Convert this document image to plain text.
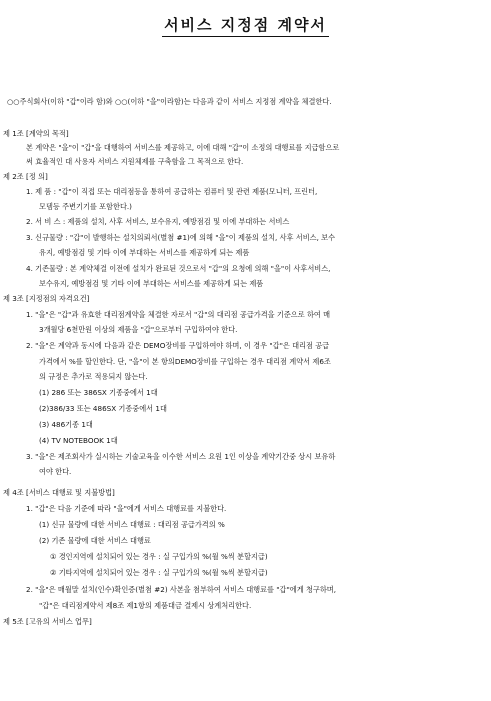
서비스 지정점 계약서
○○주식회사(이하 "갑"이라 함)와 ○○(이하 "을"이라함)는 다음과 같이 서비스 지정점 계약을 체결한다.
제 1조 [계약의 목적]
본 계약은 "을"이 "갑"을 대행하여 서비스를 제공하고, 이에 대해 "갑"이 소정의 대행료를 지급함으로
써 효율적인 대 사용자 서비스 지원체제를 구축함을 그 목적으로 한다.
제 2조 [정 의]
1. 제 품 : "갑"이 직접 또는 대리점등을 통하여 공급하는 컴퓨터 및 관련 제품(모니터, 프린터,
모뎀등 주변기기를 포함한다.)
2. 서 비 스 : 제품의 설치, 사후 서비스, 보수유지, 예방점검 및 이에 부대하는 서비스
3. 신규물량 : "갑"이 발행하는 설치의뢰서(별첨 #1)에 의해 "을"이 제품의 설치, 사후 서비스, 보수
유지, 예방점검 및 기타 이에 부대하는 서비스를 제공하게 되는 제품
4. 기존물량 : 본 계약체결 이전에 설치가 완료된 것으로서 "갑"의 요청에 의해 "을"이 사후서비스,
보수유지, 예방점검 및 기타 이에 부대하는 서비스를 제공하게 되는 제품
제 3조 [지정점의 자격요건]
1. "을"은 "갑"과 유효한 대리점계약을 체결한 자로서 "갑"의 대리점 공급가격을 기준으로 하여 매
3개월당 6천만원 이상의 제품을 "갑"으로부터 구입하여야 한다.
2. "을"은 계약과 동시에 다음과 같은 DEMO장비를 구입하여야 하며, 이 경우 "갑"은 대리점 공급
가격에서 %를 할인한다. 단, "을"이 본 항의DEMO장비를 구입하는 경우 대리점 계약서 제6조
의 규정은 추가로 적용되지 않는다.
(1) 286 또는 386SX 기종중에서 1대
(2)386/33 또는 486SX 기종중에서 1대
(3) 486기종 1대
(4) TV NOTEBOOK 1대
3. "을"은 제조회사가 실시하는 기술교육을 이수한 서비스 요원 1인 이상을 계약기간중 상시 보유하
여야 한다.
제 4조 [서비스 대행료 및 지불방법]
1. "갑"은 다음 기준에 따라 "을"에게 서비스 대행료를 지불한다.
(1) 신규 물량에 대한 서비스 대행료 : 대리점 공급가격의 %
(2) 기존 물량에 대한 서비스 대행료
① 경인지역에 설치되어 있는 경우 : 실 구입가의 %(월 %씩 분할지급)
② 기타지역에 설치되어 있는 경우 : 실 구입가의 %(월 %씩 분할지급)
2. "을"은 매월말 설치(인수)확인증(별첨 #2) 사본을 첨부하여 서비스 대행료를 "갑"에게 청구하며,
"갑"은 대리점계약서 제8조 제1항의 제품대금 결제시 상계처리한다.
제 5조 [고유의 서비스 업무]
